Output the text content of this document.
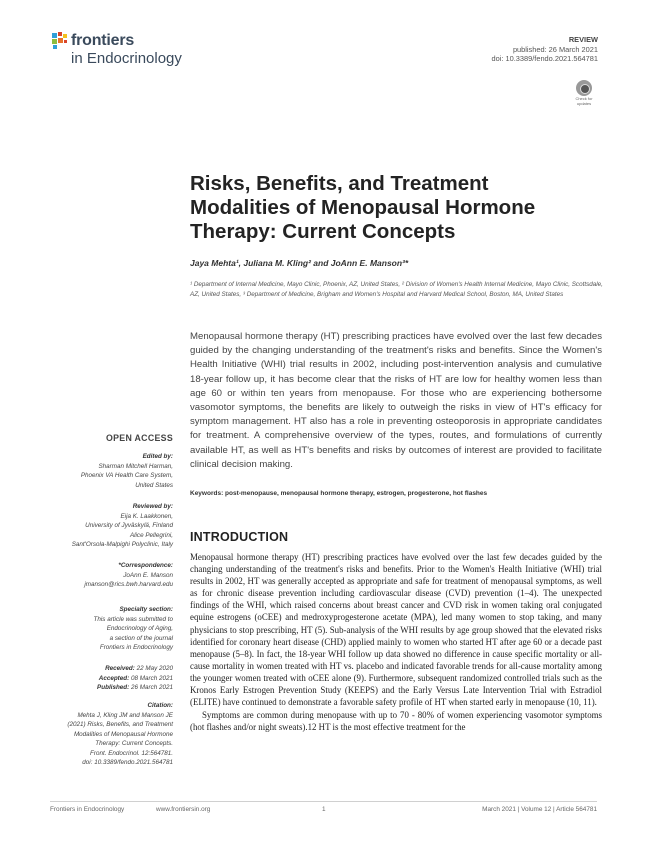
frontiers
in Endocrinology
REVIEW
published: 26 March 2021
doi: 10.3389/fendo.2021.564781
Check for updates
Risks, Benefits, and Treatment Modalities of Menopausal Hormone Therapy: Current Concepts
Jaya Mehta¹, Juliana M. Kling² and JoAnn E. Manson³*
¹ Department of Internal Medicine, Mayo Clinic, Phoenix, AZ, United States, ² Division of Women's Health Internal Medicine, Mayo Clinic, Scottsdale, AZ, United States, ³ Department of Medicine, Brigham and Women's Hospital and Harvard Medical School, Boston, MA, United States
Menopausal hormone therapy (HT) prescribing practices have evolved over the last few decades guided by the changing understanding of the treatment's risks and benefits. Since the Women's Health Initiative (WHI) trial results in 2002, including post-intervention analysis and cumulative 18-year follow up, it has become clear that the risks of HT are low for healthy women less than age 60 or within ten years from menopause. For those who are experiencing bothersome vasomotor symptoms, the benefits are likely to outweigh the risks in view of HT's efficacy for symptom management. HT also has a role in preventing osteoporosis in appropriate candidates for treatment. A comprehensive overview of the types, routes, and formulations of currently available HT, as well as HT's benefits and risks by outcomes of interest are provided to facilitate clinical decision making.
Keywords: post-menopause, menopausal hormone therapy, estrogen, progesterone, hot flashes
OPEN ACCESS
Edited by:
Sharman Mitchell Harman,
Phoenix VA Health Care System,
United States
Reviewed by:
Eija K. Laakkonen,
University of Jyväskylä, Finland
Alice Pellegrini,
Sant'Orsola-Malpighi Polyclinic, Italy
*Correspondence:
JoAnn E. Manson
jmanson@rics.bwh.harvard.edu
Specialty section:
This article was submitted to
Endocrinology of Aging,
a section of the journal
Frontiers in Endocrinology
Received: 22 May 2020
Accepted: 08 March 2021
Published: 26 March 2021
Citation:
Mehta J, Kling JM and Manson JE
(2021) Risks, Benefits, and Treatment
Modalities of Menopausal Hormone
Therapy: Current Concepts.
Front. Endocrinol. 12:564781.
doi: 10.3389/fendo.2021.564781
INTRODUCTION

Menopausal hormone therapy (HT) prescribing practices have evolved over the last few decades guided by the changing understanding of the treatment's risks and benefits. Prior to the Women's Health Initiative (WHI) trial results in 2002, HT was generally accepted as appropriate and safe for treatment of menopausal symptoms, as well as for chronic disease prevention including cardiovascular disease (CVD) prevention (1–4). The unexpected findings of the WHI, which raised concerns about breast cancer and CVD risk in women taking oral conjugated equine estrogens (oCEE) and medroxyprogesterone acetate (MPA), led many women to stop taking, and many physicians to stop prescribing, HT (5). Sub-analysis of the WHI results by age group showed that the elevated risks identified for coronary heart disease (CHD) applied mainly to women who started HT after age 60 or a decade past menopause (5–8). In fact, the 18-year WHI follow up data showed no difference in cause specific mortality or all-cause mortality in women treated with HT vs. placebo and indicated favorable trends for all-cause mortality among the younger women treated with oCEE alone (9). Furthermore, subsequent randomized controlled trials such as the Kronos Early Estrogen Prevention Study (KEEPS) and the Early Versus Late Intervention Trial with Estradiol (ELITE) have continued to demonstrate a favorable safety profile of HT when started early in menopause (10, 11).

Symptoms are common during menopause with up to 70 - 80% of women experiencing vasomotor symptoms (hot flashes and/or night sweats).12 HT is the most effective treatment for the

Frontiers in Endocrinology	www.frontiersin.org	1	March 2021 | Volume 12 | Article 564781
